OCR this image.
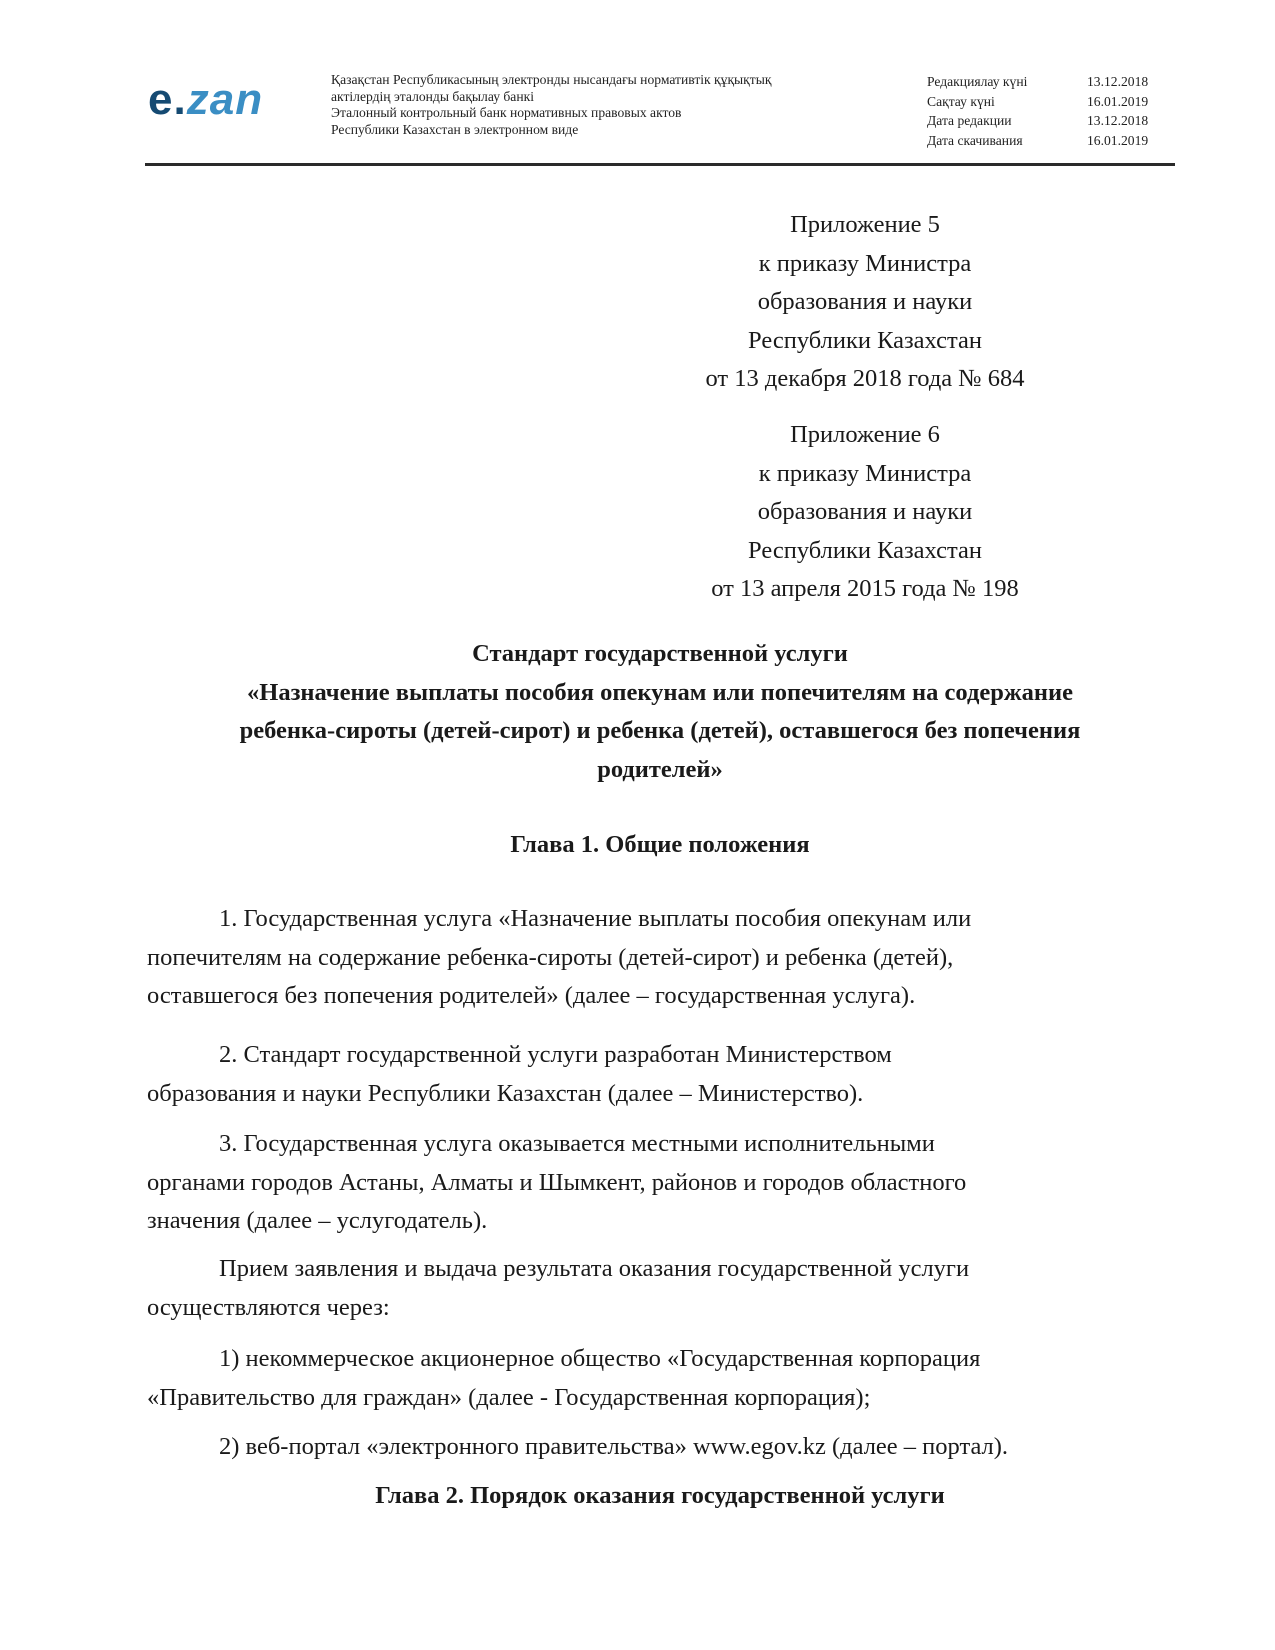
e.zan	Қазақстан Республикасының электронды нысандағы нормативтік құқықтық
актілердің эталонды бақылау банкі
Эталонный контрольный банк нормативных правовых актов
Республики Казахстан в электронном виде
Редакциялау күні	13.12.2018
Сақтау күні	16.01.2019
Дата редакции	13.12.2018
Дата скачивания	16.01.2019
Приложение 5
к приказу Министра
образования и науки
Республики Казахстан
от 13 декабря 2018 года № 684
Приложение 6
к приказу Министра
образования и науки
Республики Казахстан
от 13 апреля 2015 года № 198
Стандарт государственной услуги
«Назначение выплаты пособия опекунам или попечителям на содержание
ребенка-сироты (детей-сирот) и ребенка (детей), оставшегося без попечения
родителей»
Глава 1. Общие положения
1. Государственная услуга «Назначение выплаты пособия опекунам или
попечителям на содержание ребенка-сироты (детей-сирот) и ребенка (детей),
оставшегося без попечения родителей» (далее – государственная услуга).
2. Стандарт государственной услуги разработан Министерством
образования и науки Республики Казахстан (далее – Министерство).
3. Государственная услуга оказывается местными исполнительными
органами городов Астаны, Алматы и Шымкент, районов и городов областного
значения (далее – услугодатель).
Прием заявления и выдача результата оказания государственной услуги
осуществляются через:
1) некоммерческое акционерное общество «Государственная корпорация
«Правительство для граждан» (далее - Государственная корпорация);
2) веб-портал «электронного правительства» www.egov.kz (далее – портал).
Глава 2. Порядок оказания государственной услуги
